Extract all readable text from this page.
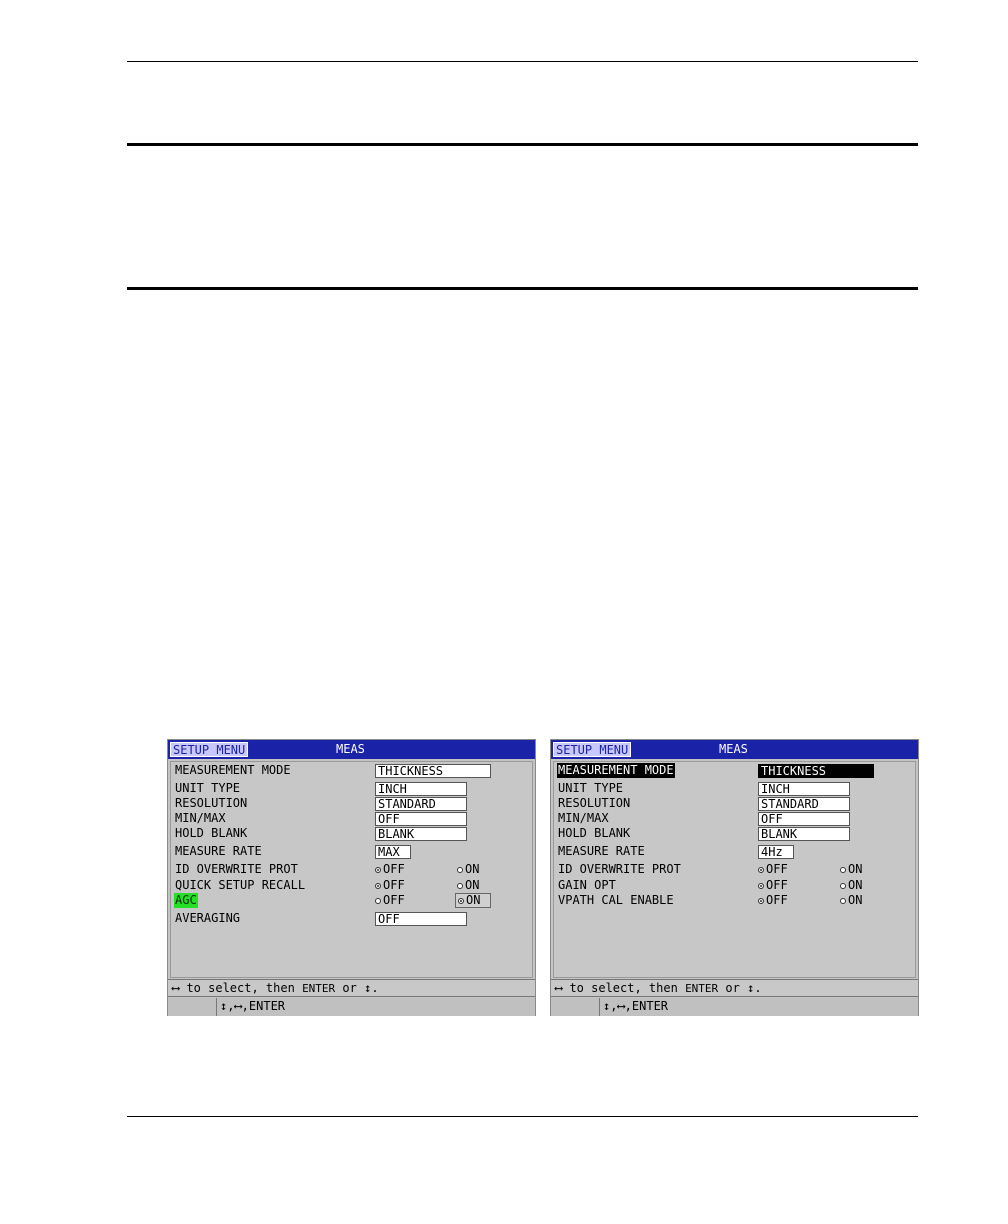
SETUP MENU	MEAS
MEASUREMENT MODE	THICKNESS
UNIT TYPE	INCH
RESOLUTION	STANDARD
MIN/MAX	OFF
HOLD BLANK	BLANK
MEASURE RATE	MAX
ID OVERWRITE PROT	OFF	ON
QUICK SETUP RECALL	OFF	ON
AGC	OFF	ON
AVERAGING	OFF
⟷ to select, then ENTER or ↕.
↕,⟷,ENTER
SETUP MENU	MEAS
MEASUREMENT MODE	THICKNESS
UNIT TYPE	INCH
RESOLUTION	STANDARD
MIN/MAX	OFF
HOLD BLANK	BLANK
MEASURE RATE	4Hz
ID OVERWRITE PROT	OFF	ON
GAIN OPT	OFF	ON
VPATH CAL ENABLE	OFF	ON
⟷ to select, then ENTER or ↕.
↕,⟷,ENTER
